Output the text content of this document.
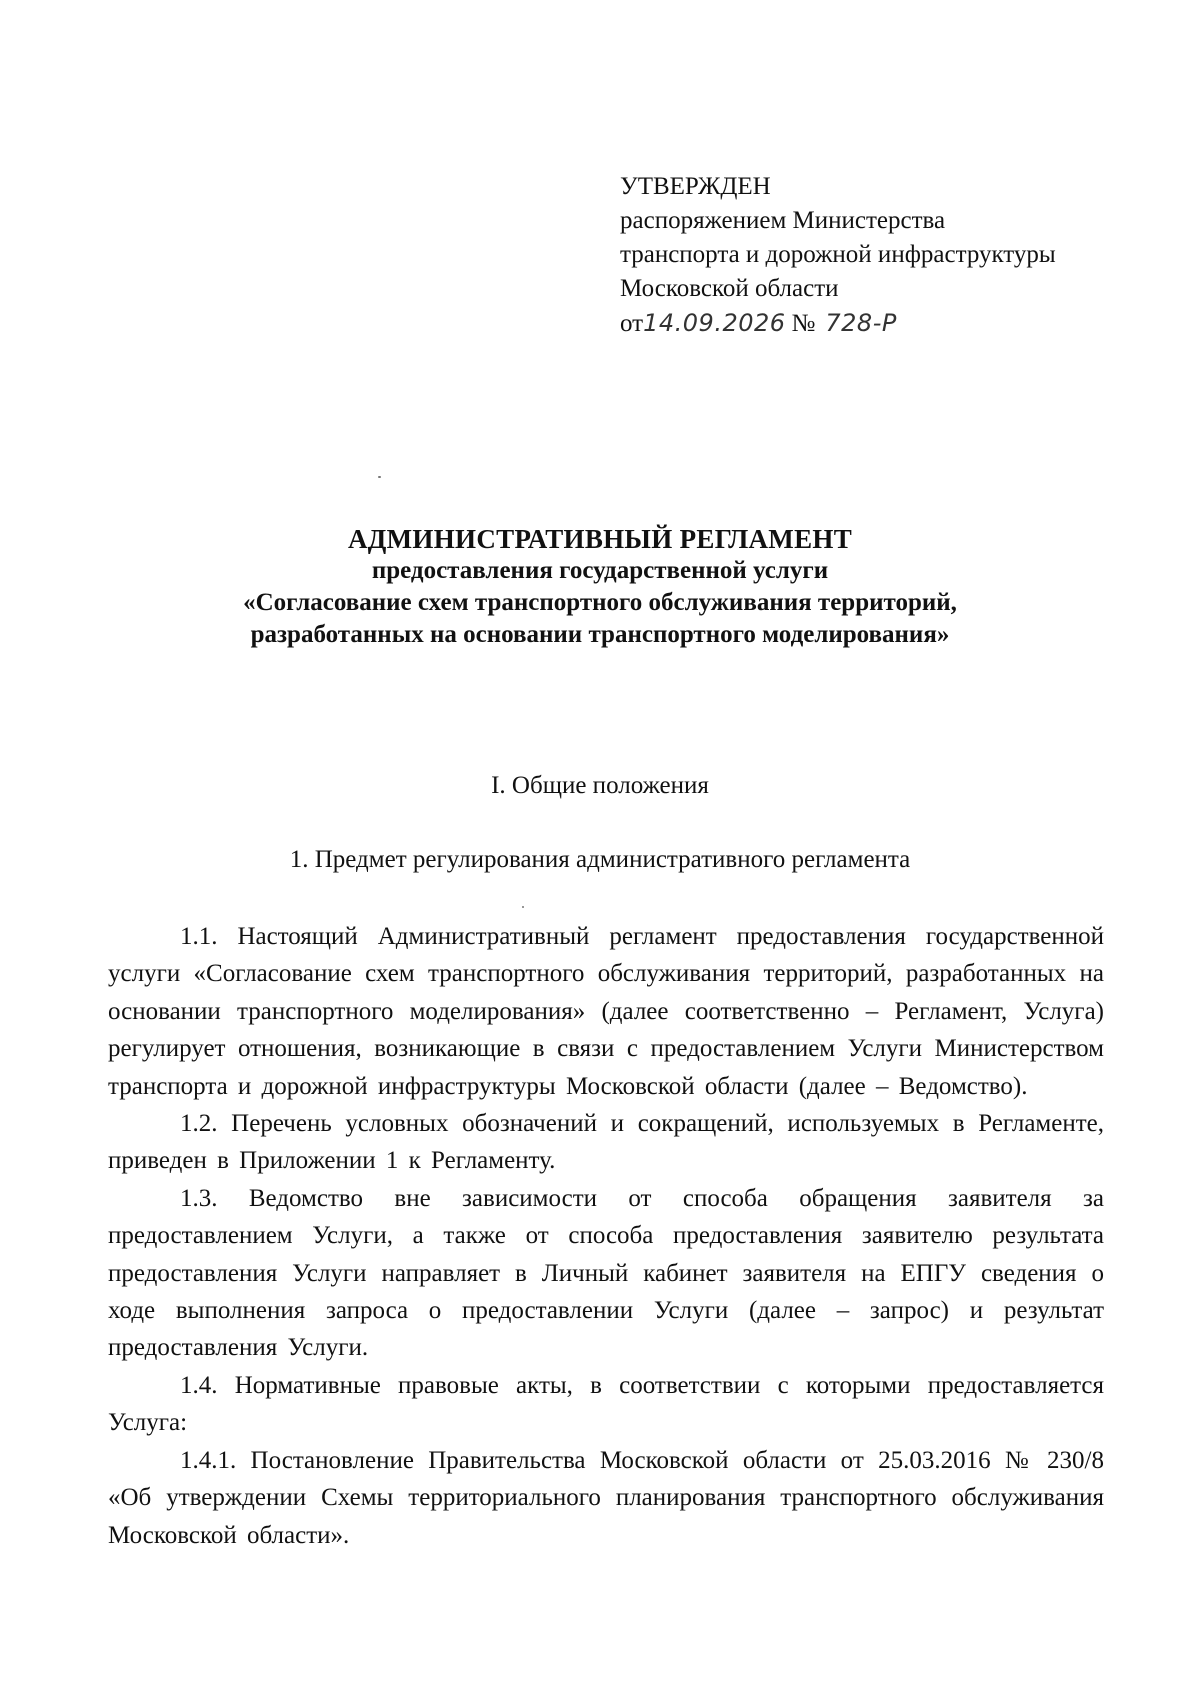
УТВЕРЖДЕН
распоряжением Министерства
транспорта и дорожной инфраструктуры
Московской области
от14.09.2026 № 728-Р
АДМИНИСТРАТИВНЫЙ РЕГЛАМЕНТ
предоставления государственной услуги
«Согласование схем транспортного обслуживания территорий,
разработанных на основании транспортного моделирования»
I. Общие положения
1. Предмет регулирования административного регламента

1.1. Настоящий Административный регламент предоставления государственной услуги «Согласование схем транспортного обслуживания территорий, разработанных на основании транспортного моделирования» (далее соответственно – Регламент, Услуга) регулирует отношения, возникающие в связи с предоставлением Услуги Министерством транспорта и дорожной инфраструктуры Московской области (далее – Ведомство).

1.2. Перечень условных обозначений и сокращений, используемых в Регламенте, приведен в Приложении 1 к Регламенту.

1.3. Ведомство вне зависимости от способа обращения заявителя за предоставлением Услуги, а также от способа предоставления заявителю результата предоставления Услуги направляет в Личный кабинет заявителя на ЕПГУ сведения о ходе выполнения запроса о предоставлении Услуги (далее – запрос) и результат предоставления Услуги.

1.4. Нормативные правовые акты, в соответствии с которыми предоставляется Услуга:

1.4.1. Постановление Правительства Московской области от 25.03.2016 № 230/8 «Об утверждении Схемы территориального планирования транспортного обслуживания Московской области».
